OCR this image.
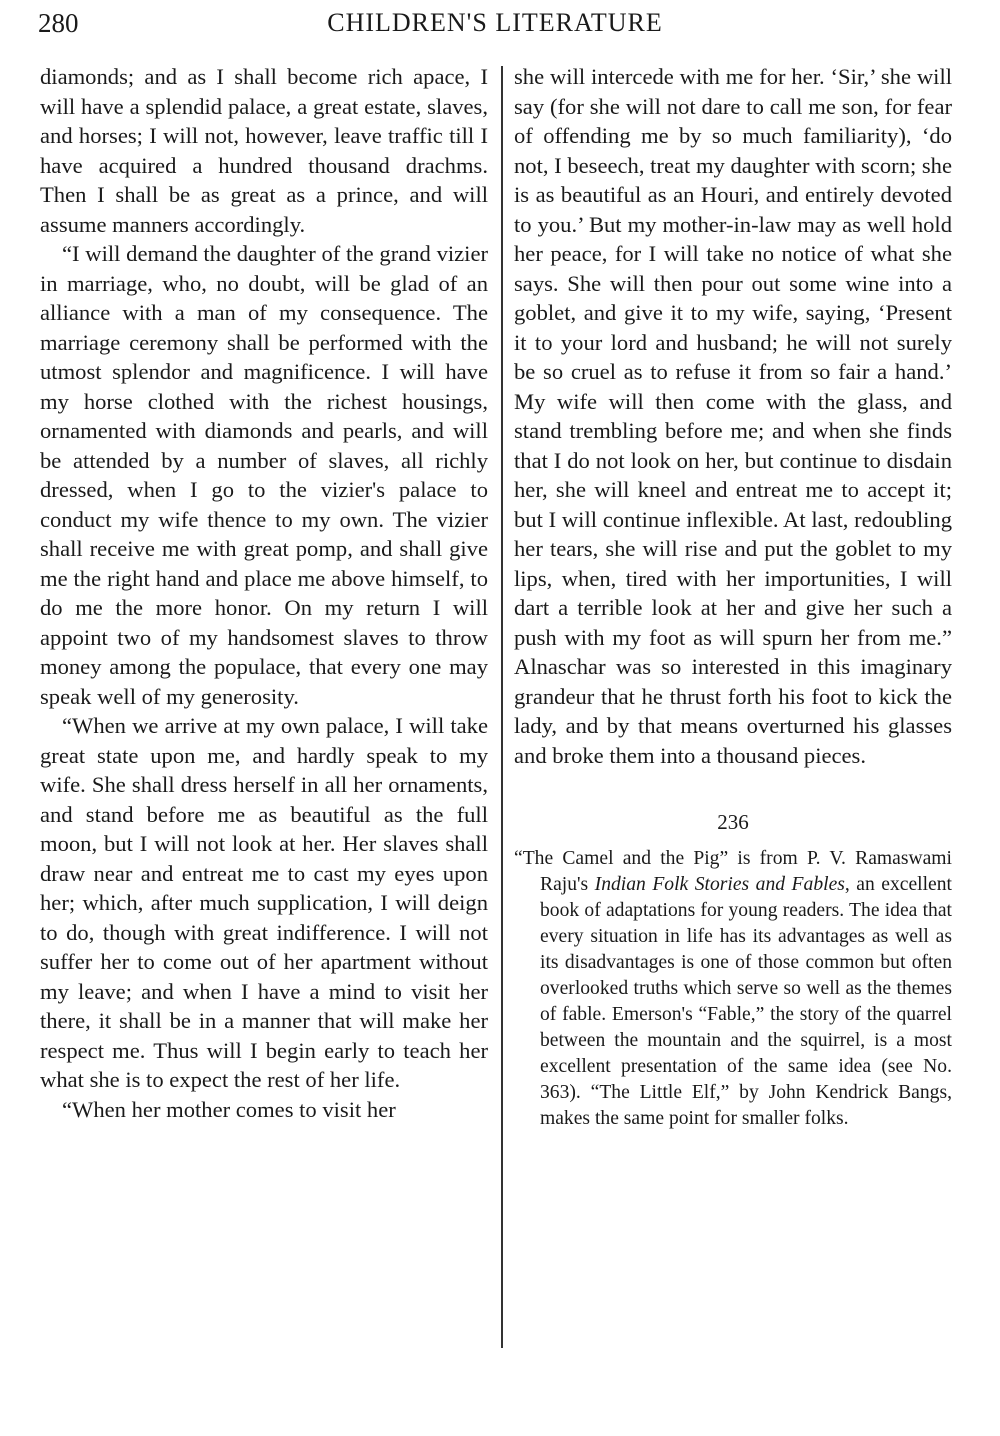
280	CHILDREN'S LITERATURE

diamonds; and as I shall become rich apace, I will have a splendid palace, a great estate, slaves, and horses; I will not, however, leave traffic till I have acquired a hundred thousand drachms. Then I shall be as great as a prince, and will assume manners accordingly.

“I will demand the daughter of the grand vizier in marriage, who, no doubt, will be glad of an alliance with a man of my consequence. The marriage ceremony shall be performed with the utmost splendor and magnificence. I will have my horse clothed with the richest housings, ornamented with diamonds and pearls, and will be attended by a number of slaves, all richly dressed, when I go to the vizier's palace to conduct my wife thence to my own. The vizier shall receive me with great pomp, and shall give me the right hand and place me above himself, to do me the more honor. On my return I will appoint two of my handsomest slaves to throw money among the populace, that every one may speak well of my generosity.

“When we arrive at my own palace, I will take great state upon me, and hardly speak to my wife. She shall dress herself in all her ornaments, and stand before me as beautiful as the full moon, but I will not look at her. Her slaves shall draw near and entreat me to cast my eyes upon her; which, after much supplication, I will deign to do, though with great indifference. I will not suffer her to come out of her apartment without my leave; and when I have a mind to visit her there, it shall be in a manner that will make her respect me. Thus will I begin early to teach her what she is to expect the rest of her life.

“When her mother comes to visit her

she will intercede with me for her. ‘Sir,’ she will say (for she will not dare to call me son, for fear of offending me by so much familiarity), ‘do not, I beseech, treat my daughter with scorn; she is as beautiful as an Houri, and entirely devoted to you.’ But my mother-in-law may as well hold her peace, for I will take no notice of what she says. She will then pour out some wine into a goblet, and give it to my wife, saying, ‘Present it to your lord and husband; he will not surely be so cruel as to refuse it from so fair a hand.’ My wife will then come with the glass, and stand trembling before me; and when she finds that I do not look on her, but continue to disdain her, she will kneel and entreat me to accept it; but I will continue inflexible. At last, redoubling her tears, she will rise and put the goblet to my lips, when, tired with her importunities, I will dart a terrible look at her and give her such a push with my foot as will spurn her from me.” Alnaschar was so interested in this imaginary grandeur that he thrust forth his foot to kick the lady, and by that means overturned his glasses and broke them into a thousand pieces.

236

“The Camel and the Pig” is from P. V. Ramaswami Raju's Indian Folk Stories and Fables, an excellent book of adaptations for young readers. The idea that every situation in life has its advantages as well as its disadvantages is one of those common but often overlooked truths which serve so well as the themes of fable. Emerson's “Fable,” the story of the quarrel between the mountain and the squirrel, is a most excellent presentation of the same idea (see No. 363). “The Little Elf,” by John Kendrick Bangs, makes the same point for smaller folks.
